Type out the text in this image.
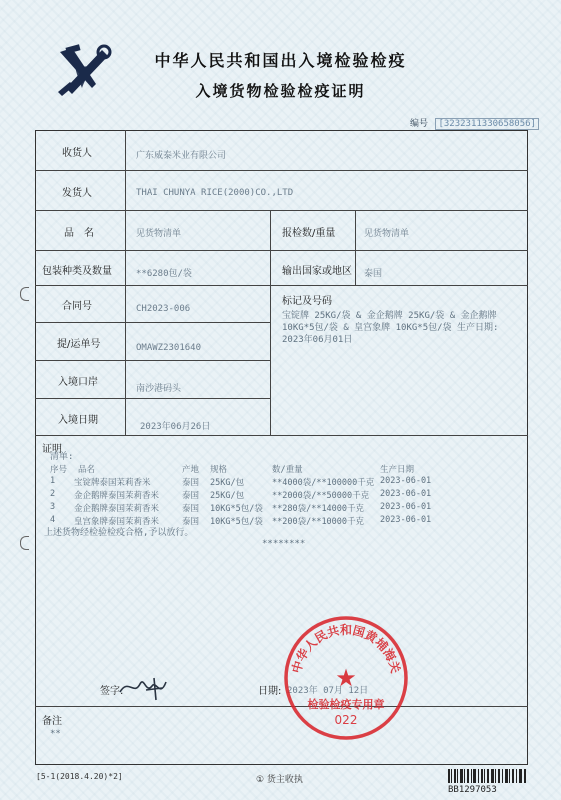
中华人民共和国出入境检验检疫
入境货物检验检疫证明
编号 [3232311330658056]
收货人	广东威泰米业有限公司
发货人	THAI CHUNYA RICE(2000)CO.,LTD
品　名	见货物清单	报检数/重量	见货物清单
包装种类及数量	**6280包/袋	输出国家或地区 泰国
合同号	CH2023-006
标记及号码
宝锭牌 25KG/袋 & 金企鹅牌 25KG/袋 & 金企鹅牌 10KG*5包/袋 & 皇宫象牌 10KG*5包/袋 生产日期: 2023年06月01日
提/运单号	OMAWZ2301640
入境口岸
南沙港码头
入境日期
2023年06月26日
证明
清单:
序号 品名	产地 规格	数/重量	生产日期
1 宝锭牌泰国茉莉香米	泰国 25KG/包	**4000袋/**100000千克 2023-06-01
2 金企鹅牌泰国茉莉香米	泰国 25KG/包	**2000袋/**50000千克 2023-06-01
3 金企鹅牌泰国茉莉香米	泰国 10KG*5包/袋 **280袋/**14000千克 2023-06-01
4 皇宫象牌泰国茉莉香米	泰国 10KG*5包/袋 **200袋/**10000千克 2023-06-01
上述货物经检验检疫合格,予以放行。
********
签字:	日期: 2023年 07月 12日
中华人民共和国黄埔海关
★
检验检疫专用章
022
备注
**
[5-1(2018.4.20)*2]	① 货主收执
BB1297053
